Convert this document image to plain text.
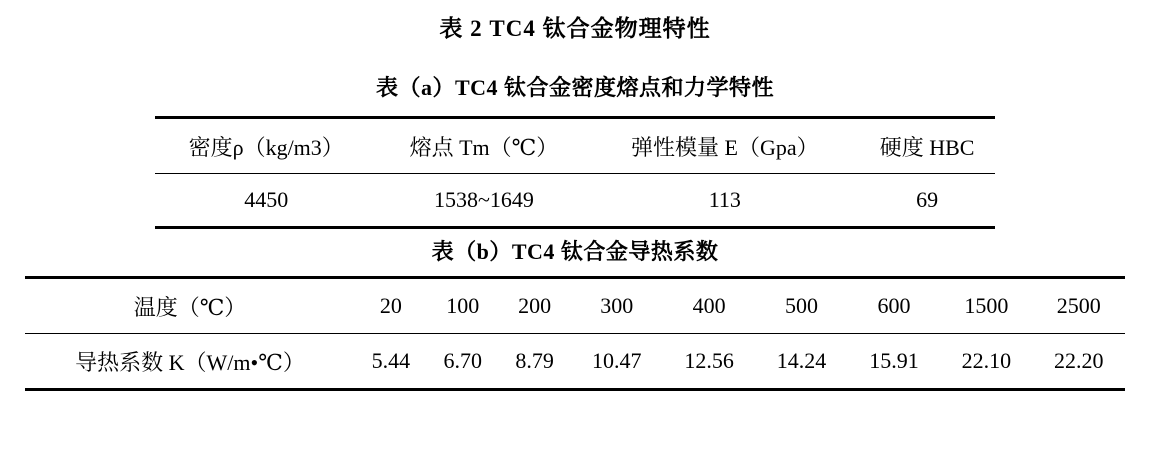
表 2 TC4 钛合金物理特性
表（a）TC4 钛合金密度熔点和力学特性
密度ρ（kg/m3）	熔点 Tm（℃）	弹性模量 E（Gpa）	硬度 HBC
4450	1538~1649	113	69

表（b）TC4 钛合金导热系数
温度（℃）	20	100	200	300	400	500	600	1500	2500
导热系数 K（W/m•℃）	5.44	6.70	8.79	10.47	12.56	14.24	15.91	22.10	22.20
